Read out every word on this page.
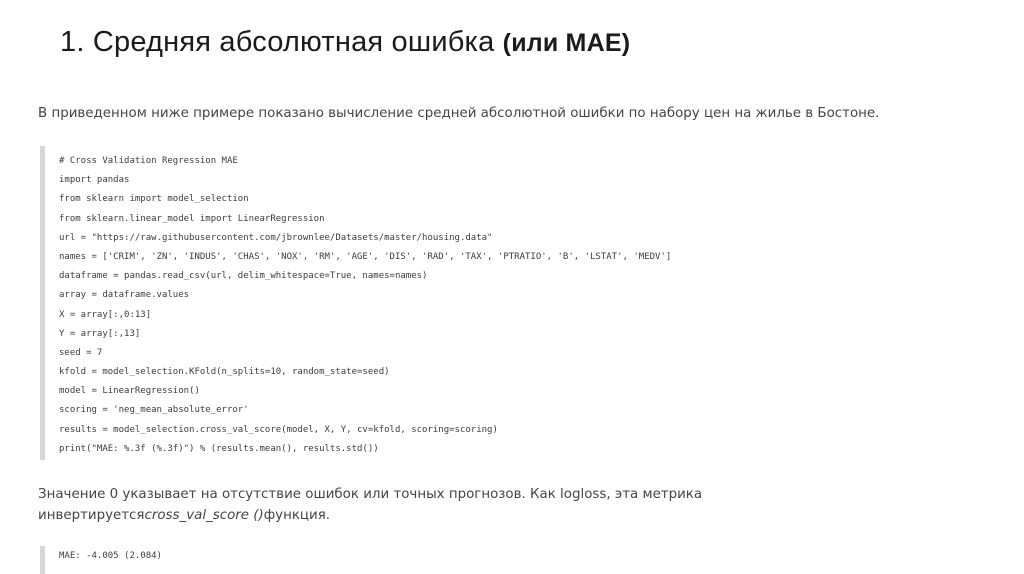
1. Средняя абсолютная ошибка (или MAE)
В приведенном ниже примере показано вычисление средней абсолютной ошибки по набору цен на жилье в Бостоне.
# Cross Validation Regression MAE
import pandas
from sklearn import model_selection
from sklearn.linear_model import LinearRegression
url = "https://raw.githubusercontent.com/jbrownlee/Datasets/master/housing.data"
names = ['CRIM', 'ZN', 'INDUS', 'CHAS', 'NOX', 'RM', 'AGE', 'DIS', 'RAD', 'TAX', 'PTRATIO', 'B', 'LSTAT', 'MEDV']
dataframe = pandas.read_csv(url, delim_whitespace=True, names=names)
array = dataframe.values
X = array[:,0:13]
Y = array[:,13]
seed = 7
kfold = model_selection.KFold(n_splits=10, random_state=seed)
model = LinearRegression()
scoring = 'neg_mean_absolute_error'
results = model_selection.cross_val_score(model, X, Y, cv=kfold, scoring=scoring)
print("MAE: %.3f (%.3f)") % (results.mean(), results.std())
Значение 0 указывает на отсутствие ошибок или точных прогнозов. Как logloss, эта метрика
инвертируетсяcross_val_score ()функция.
MAE: -4.005 (2.084)
